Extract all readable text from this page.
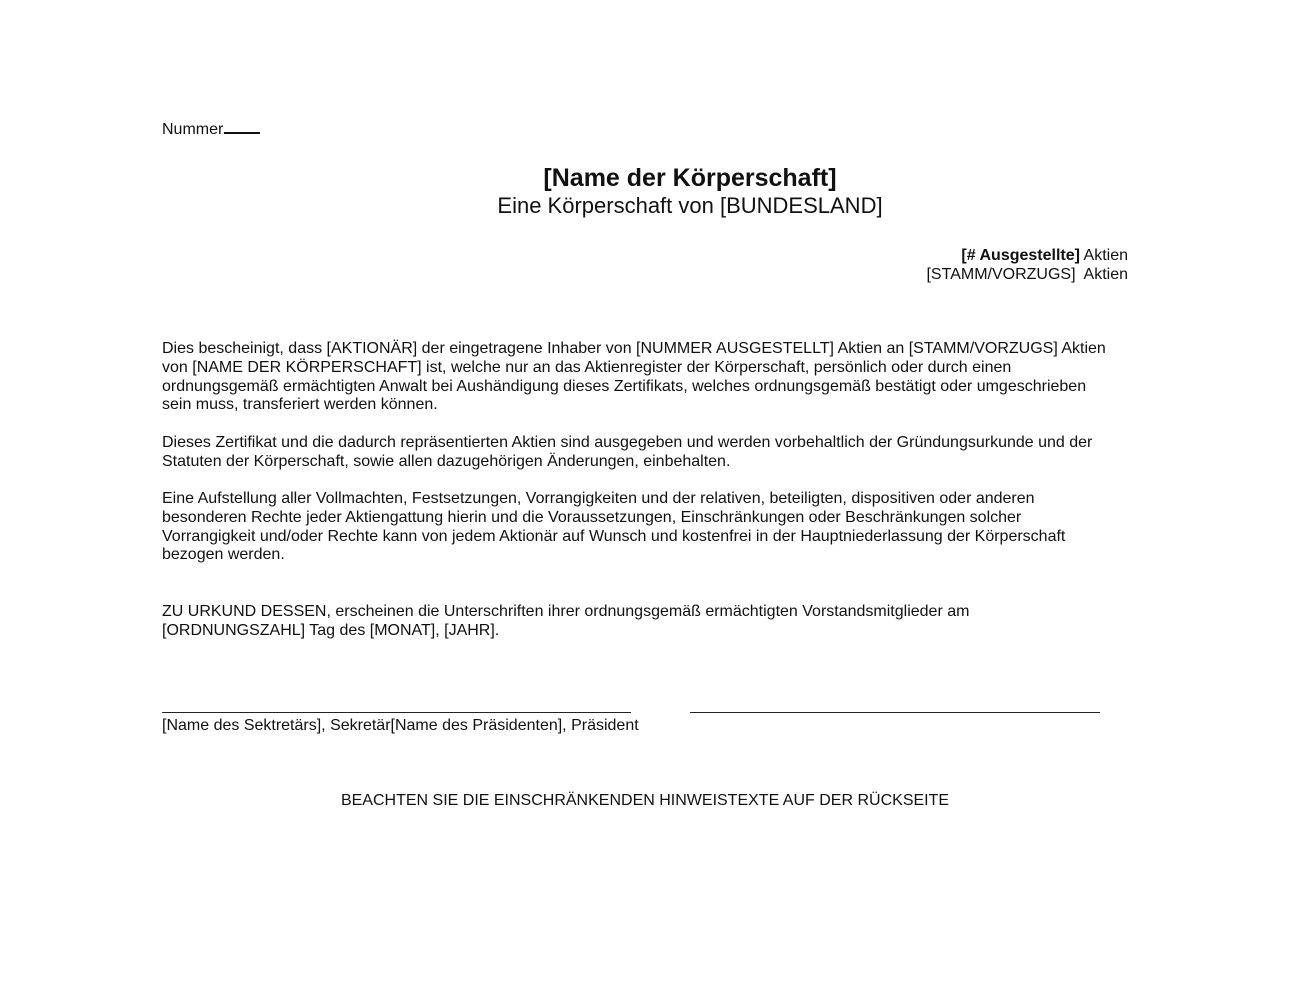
Nummer
[Name der Körperschaft]
Eine Körperschaft von [BUNDESLAND]
[# Ausgestellte] Aktien
[STAMM/VORZUGS]  Aktien
Dies bescheinigt, dass [AKTIONÄR] der eingetragene Inhaber von [NUMMER AUSGESTELLT] Aktien an [STAMM/VORZUGS] Aktien
von [NAME DER KÖRPERSCHAFT] ist, welche nur an das Aktienregister der Körperschaft, persönlich oder durch einen
ordnungsgemäß ermächtigten Anwalt bei Aushändigung dieses Zertifikats, welches ordnungsgemäß bestätigt oder umgeschrieben
sein muss, transferiert werden können.
Dieses Zertifikat und die dadurch repräsentierten Aktien sind ausgegeben und werden vorbehaltlich der Gründungsurkunde und der
Statuten der Körperschaft, sowie allen dazugehörigen Änderungen, einbehalten.
Eine Aufstellung aller Vollmachten, Festsetzungen, Vorrangigkeiten und der relativen, beteiligten, dispositiven oder anderen
besonderen Rechte jeder Aktiengattung hierin und die Voraussetzungen, Einschränkungen oder Beschränkungen solcher
Vorrangigkeit und/oder Rechte kann von jedem Aktionär auf Wunsch und kostenfrei in der Hauptniederlassung der Körperschaft
bezogen werden.
ZU URKUND DESSEN, erscheinen die Unterschriften ihrer ordnungsgemäß ermächtigten Vorstandsmitglieder am
[ORDNUNGSZAHL] Tag des [MONAT], [JAHR].
[Name des Sektretärs], Sekretär[Name des Präsidenten], Präsident
BEACHTEN SIE DIE EINSCHRÄNKENDEN HINWEISTEXTE AUF DER RÜCKSEITE
